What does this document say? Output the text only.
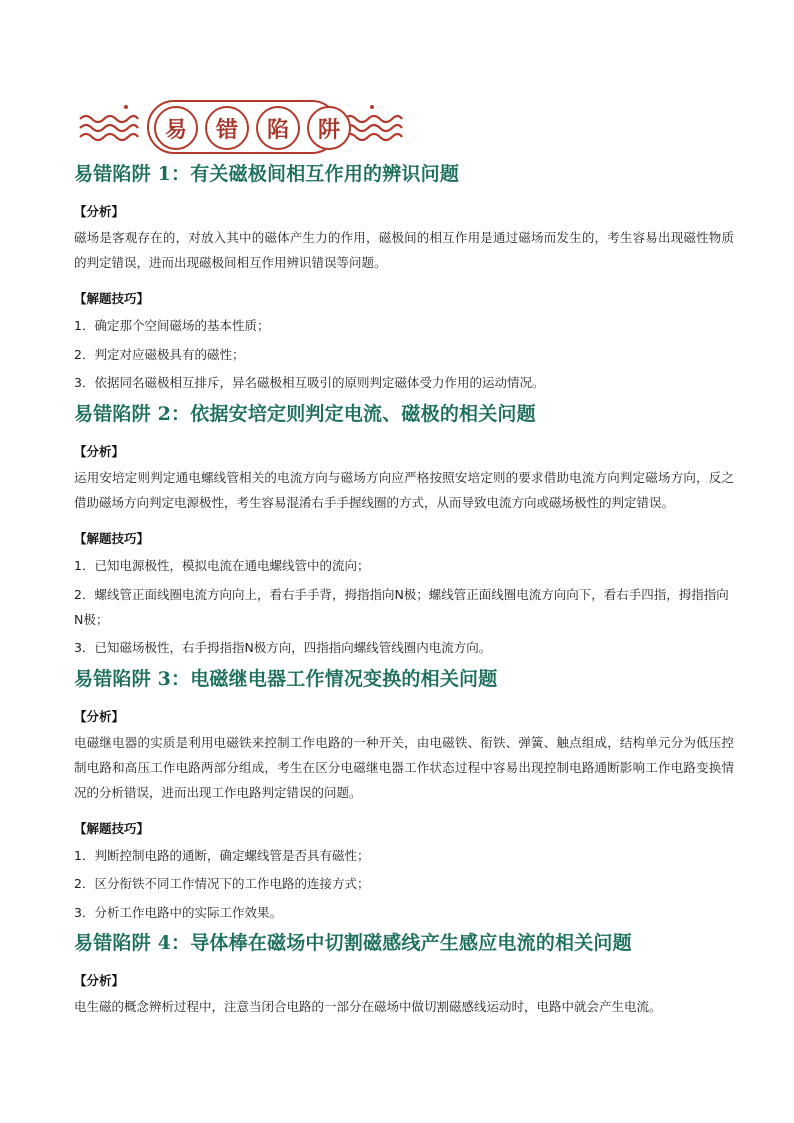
易	错	陷	阱
易错陷阱 1：有关磁极间相互作用的辨识问题
【分析】

磁场是客观存在的，对放入其中的磁体产生力的作用，磁极间的相互作用是通过磁场而发生的，考生容易出现磁性物质的判定错误，进而出现磁极间相互作用辨识错误等问题。

【解题技巧】
1．确定那个空间磁场的基本性质；
2．判定对应磁极具有的磁性；
3．依据同名磁极相互排斥，异名磁极相互吸引的原则判定磁体受力作用的运动情况。
易错陷阱 2：依据安培定则判定电流、磁极的相关问题
【分析】

运用安培定则判定通电螺线管相关的电流方向与磁场方向应严格按照安培定则的要求借助电流方向判定磁场方向，反之借助磁场方向判定电源极性，考生容易混淆右手手握线圈的方式，从而导致电流方向或磁场极性的判定错误。

【解题技巧】
1．已知电源极性，模拟电流在通电螺线管中的流向；
2．螺线管正面线圈电流方向向上，看右手手背，拇指指向N极；螺线管正面线圈电流方向向下，看右手四指，拇指指向N极；
3．已知磁场极性，右手拇指指N极方向，四指指向螺线管线圈内电流方向。
易错陷阱 3：电磁继电器工作情况变换的相关问题
【分析】

电磁继电器的实质是利用电磁铁来控制工作电路的一种开关，由电磁铁、衔铁、弹簧、触点组成，结构单元分为低压控制电路和高压工作电路两部分组成，考生在区分电磁继电器工作状态过程中容易出现控制电路通断影响工作电路变换情况的分析错误，进而出现工作电路判定错误的问题。

【解题技巧】
1．判断控制电路的通断，确定螺线管是否具有磁性；
2．区分衔铁不同工作情况下的工作电路的连接方式；
3．分析工作电路中的实际工作效果。
易错陷阱 4：导体棒在磁场中切割磁感线产生感应电流的相关问题
【分析】

电生磁的概念辨析过程中，注意当闭合电路的一部分在磁场中做切割磁感线运动时，电路中就会产生电流。
